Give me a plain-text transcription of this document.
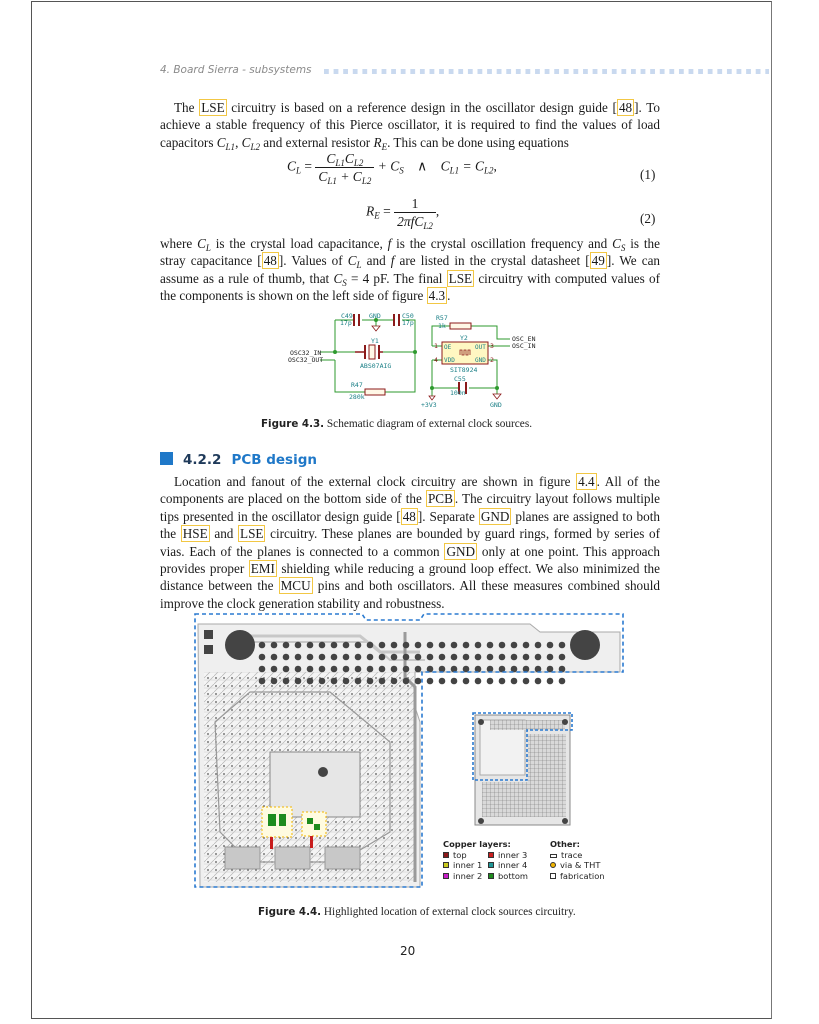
4. Board Sierra - subsystems
The LSE circuitry is based on a reference design in the oscillator design guide [ 48 ]. To achieve a stable frequency of this Pierce oscillator, it is required to find the values of load capacitors $C_{L1}$, $C_{L2}$ and external resistor $R_E$. This can be done using equations
$C_L = \frac{C_{L1}C_{L2}}{C_{L1} + C_{L2}} + C_S$ ∧ $C_{L1} = C_{L2}$,
(1)
$R_E = \frac{1}{2\pi fC_{L2}}$ ,	(2)
where $C_L$ is the crystal load capacitance, f is the crystal oscillation frequency and $C_S$ is the stray capacitance [ 48 ]. Values of $C_L$ and f are listed in the crystal datasheet [ 49 ]. We can assume as a rule of thumb, that $C_S = 4$ pF. The final LSE circuitry with computed values of the components is shown on the left side of figure 4.3 .
C49
17p
GND	C50
17p
Y1
ABS07AIG
OSC32_IN
OSC32_OUT
R47
280k
R57
1k
Y2
1	3
4	2
OE	OUT
VDD	GND
SIT8924
OSC_EN
OSC_IN
C55
100n
+3V3	GND
Figure 4.3. Schematic diagram of external clock sources.
4.2.2 PCB design
Location and fanout of the external clock circuitry are shown in figure 4.4 . All of the components are placed on the bottom side of the PCB . The circuitry layout follows multiple tips presented in the oscillator design guide [ 48 ]. Separate GND planes are assigned to both the HSE and LSE circuitry. These planes are bounded by guard rings, formed by series of vias. Each of the planes is connected to a common GND only at one point. This approach provides proper EMI shielding while reducing a ground loop effect. We also minimized the distance between the MCU pins and both oscillators. All these measures combined should improve the clock generation stability and robustness.
Copper layers:
top
inner 1
inner 2
inner 3
inner 4
bottom
Other:
trace
via & THT
fabrication
Figure 4.4. Highlighted location of external clock sources circuitry.
20
